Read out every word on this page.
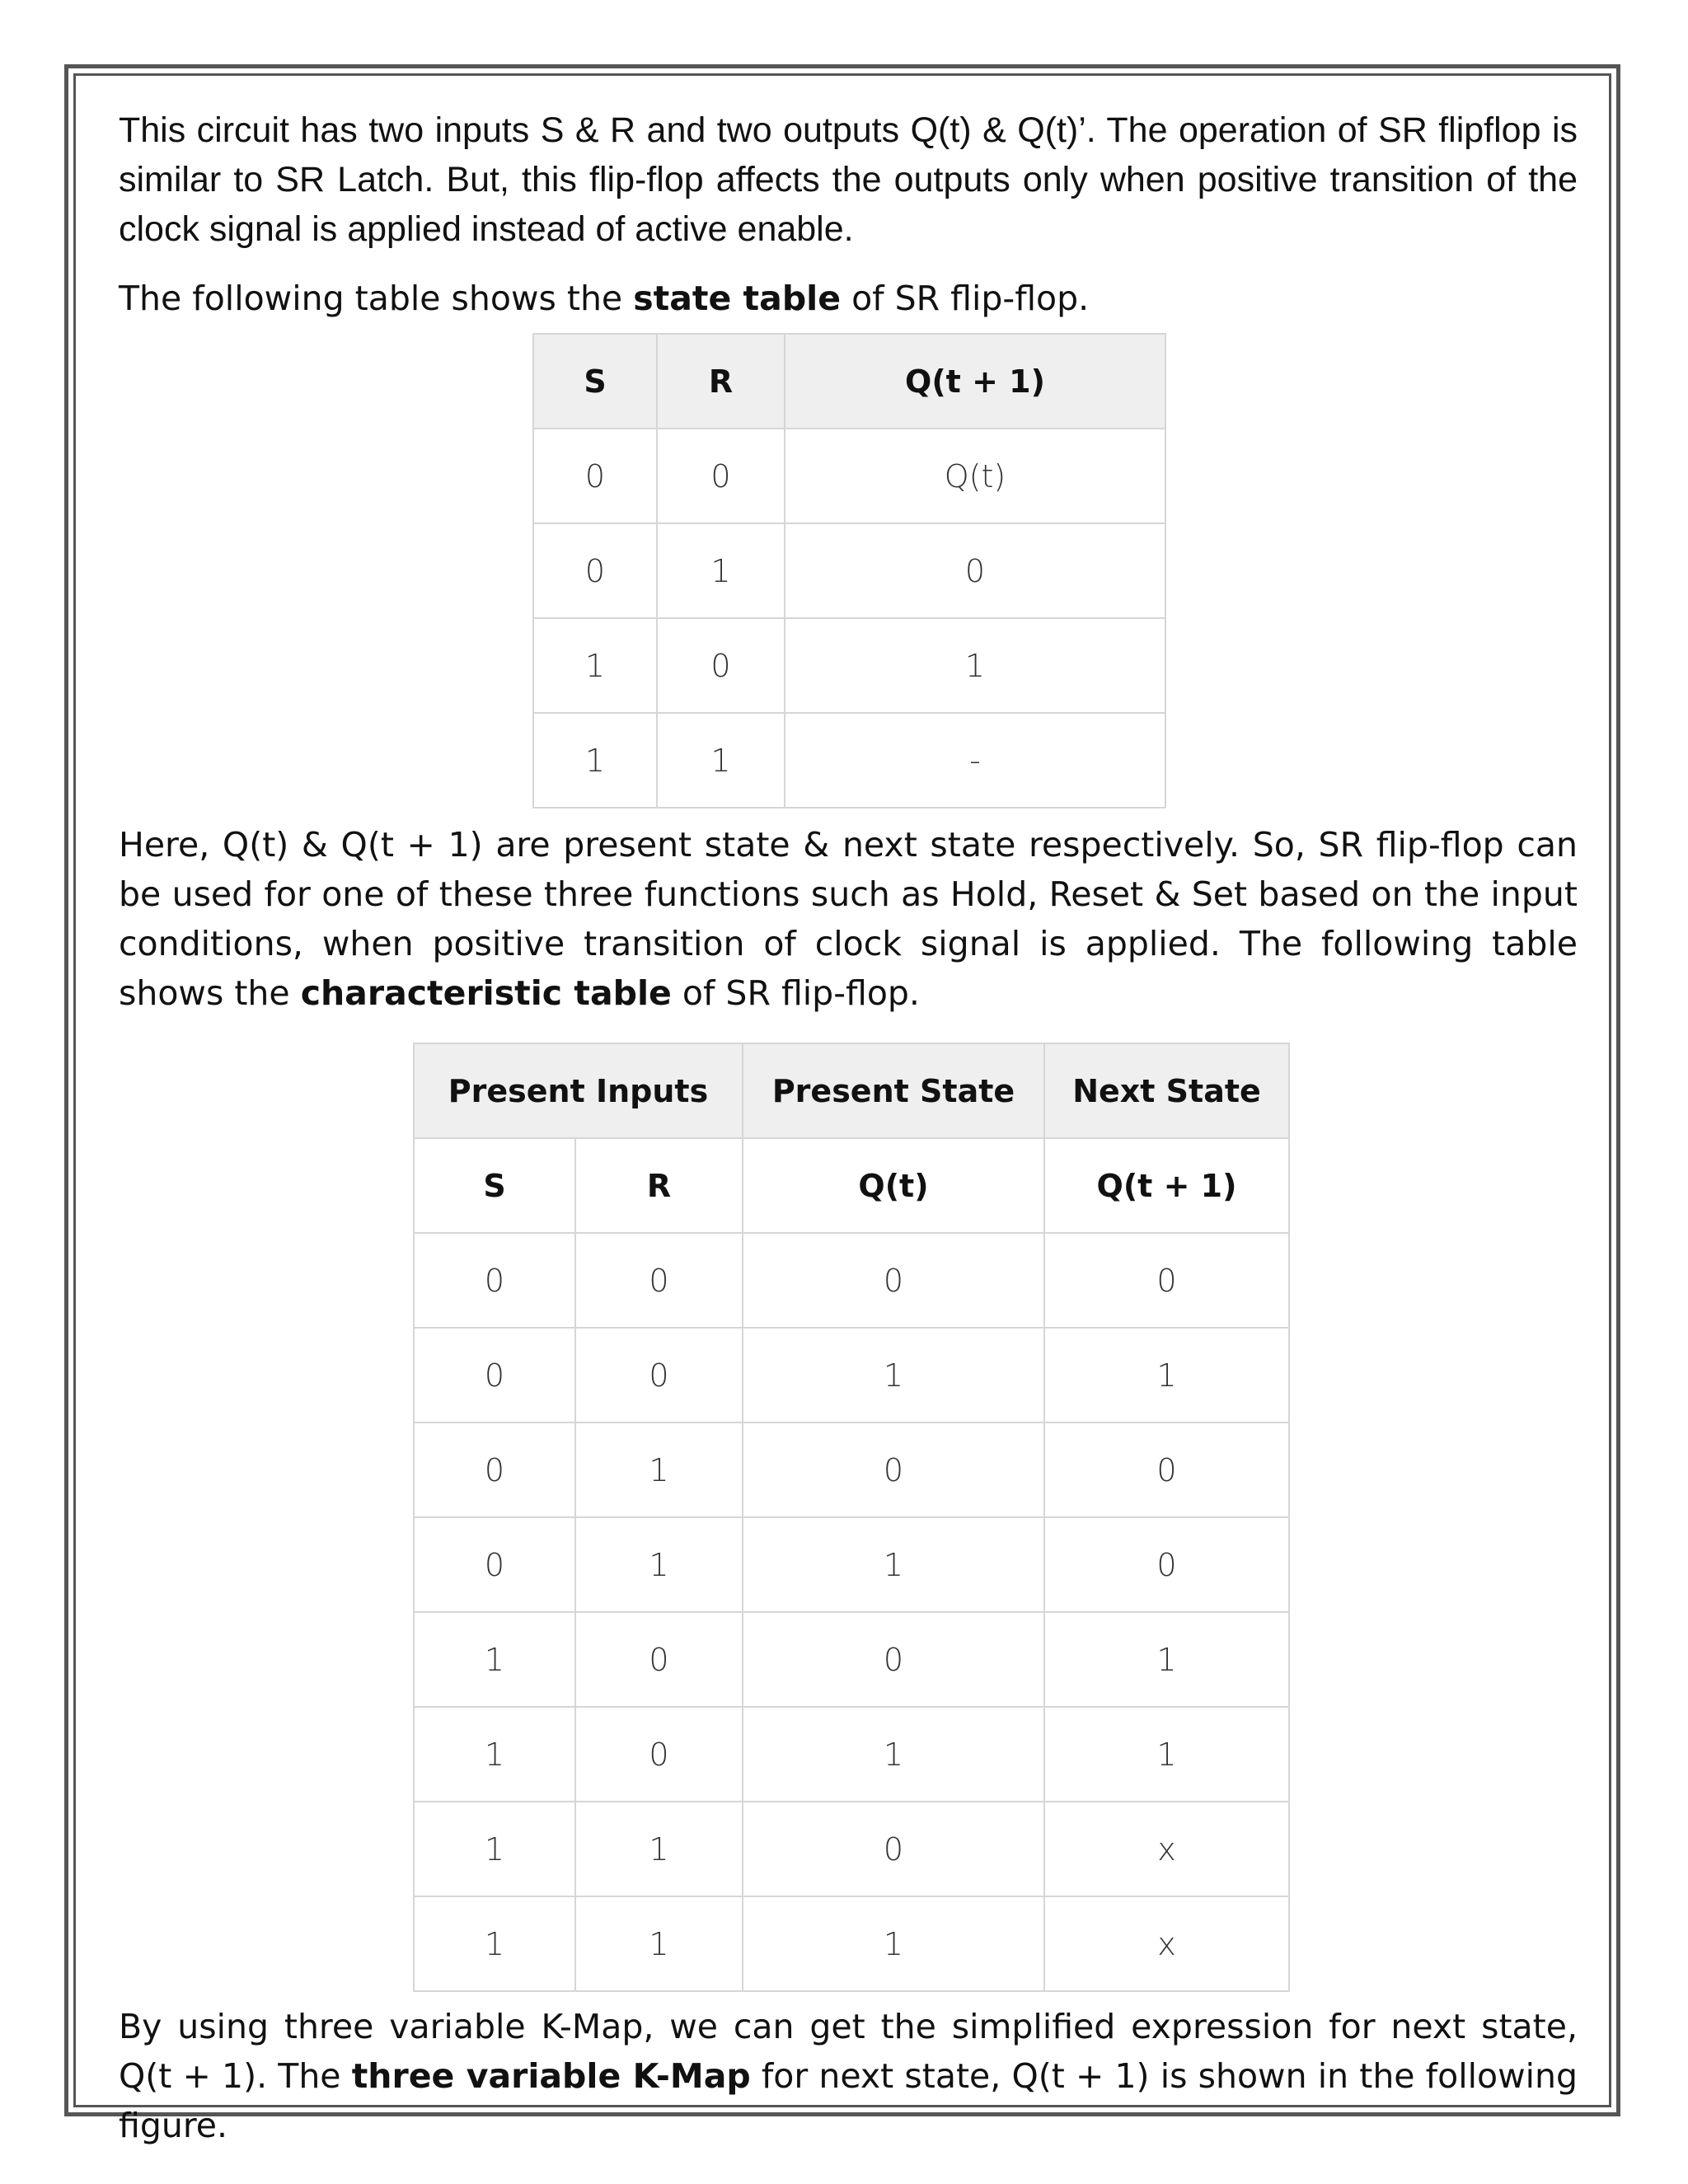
This circuit has two inputs S & R and two outputs Q(t) & Q(t)’. The operation of SR flipflop is similar to SR Latch. But, this flip-flop affects the outputs only when positive transition of the clock signal is applied instead of active enable.

The following table shows the state table of SR flip-flop.

S	R	Q(t + 1)
0	0	Q(t)
0	1	0
1	0	1
1	1	-

Here, Q(t) & Q(t + 1) are present state & next state respectively. So, SR flip-flop can be used for one of these three functions such as Hold, Reset & Set based on the input conditions, when positive transition of clock signal is applied. The following table shows the characteristic table of SR flip-flop.

Present Inputs		Present State	Next State
S	R	Q(t)	Q(t + 1)
0	0	0	0
0	0	1	1
0	1	0	0
0	1	1	0
1	0	0	1
1	0	1	1
1	1	0	x
1	1	1	x

By using three variable K-Map, we can get the simplified expression for next state, Q(t + 1). The three variable K-Map for next state, Q(t + 1) is shown in the following figure.
